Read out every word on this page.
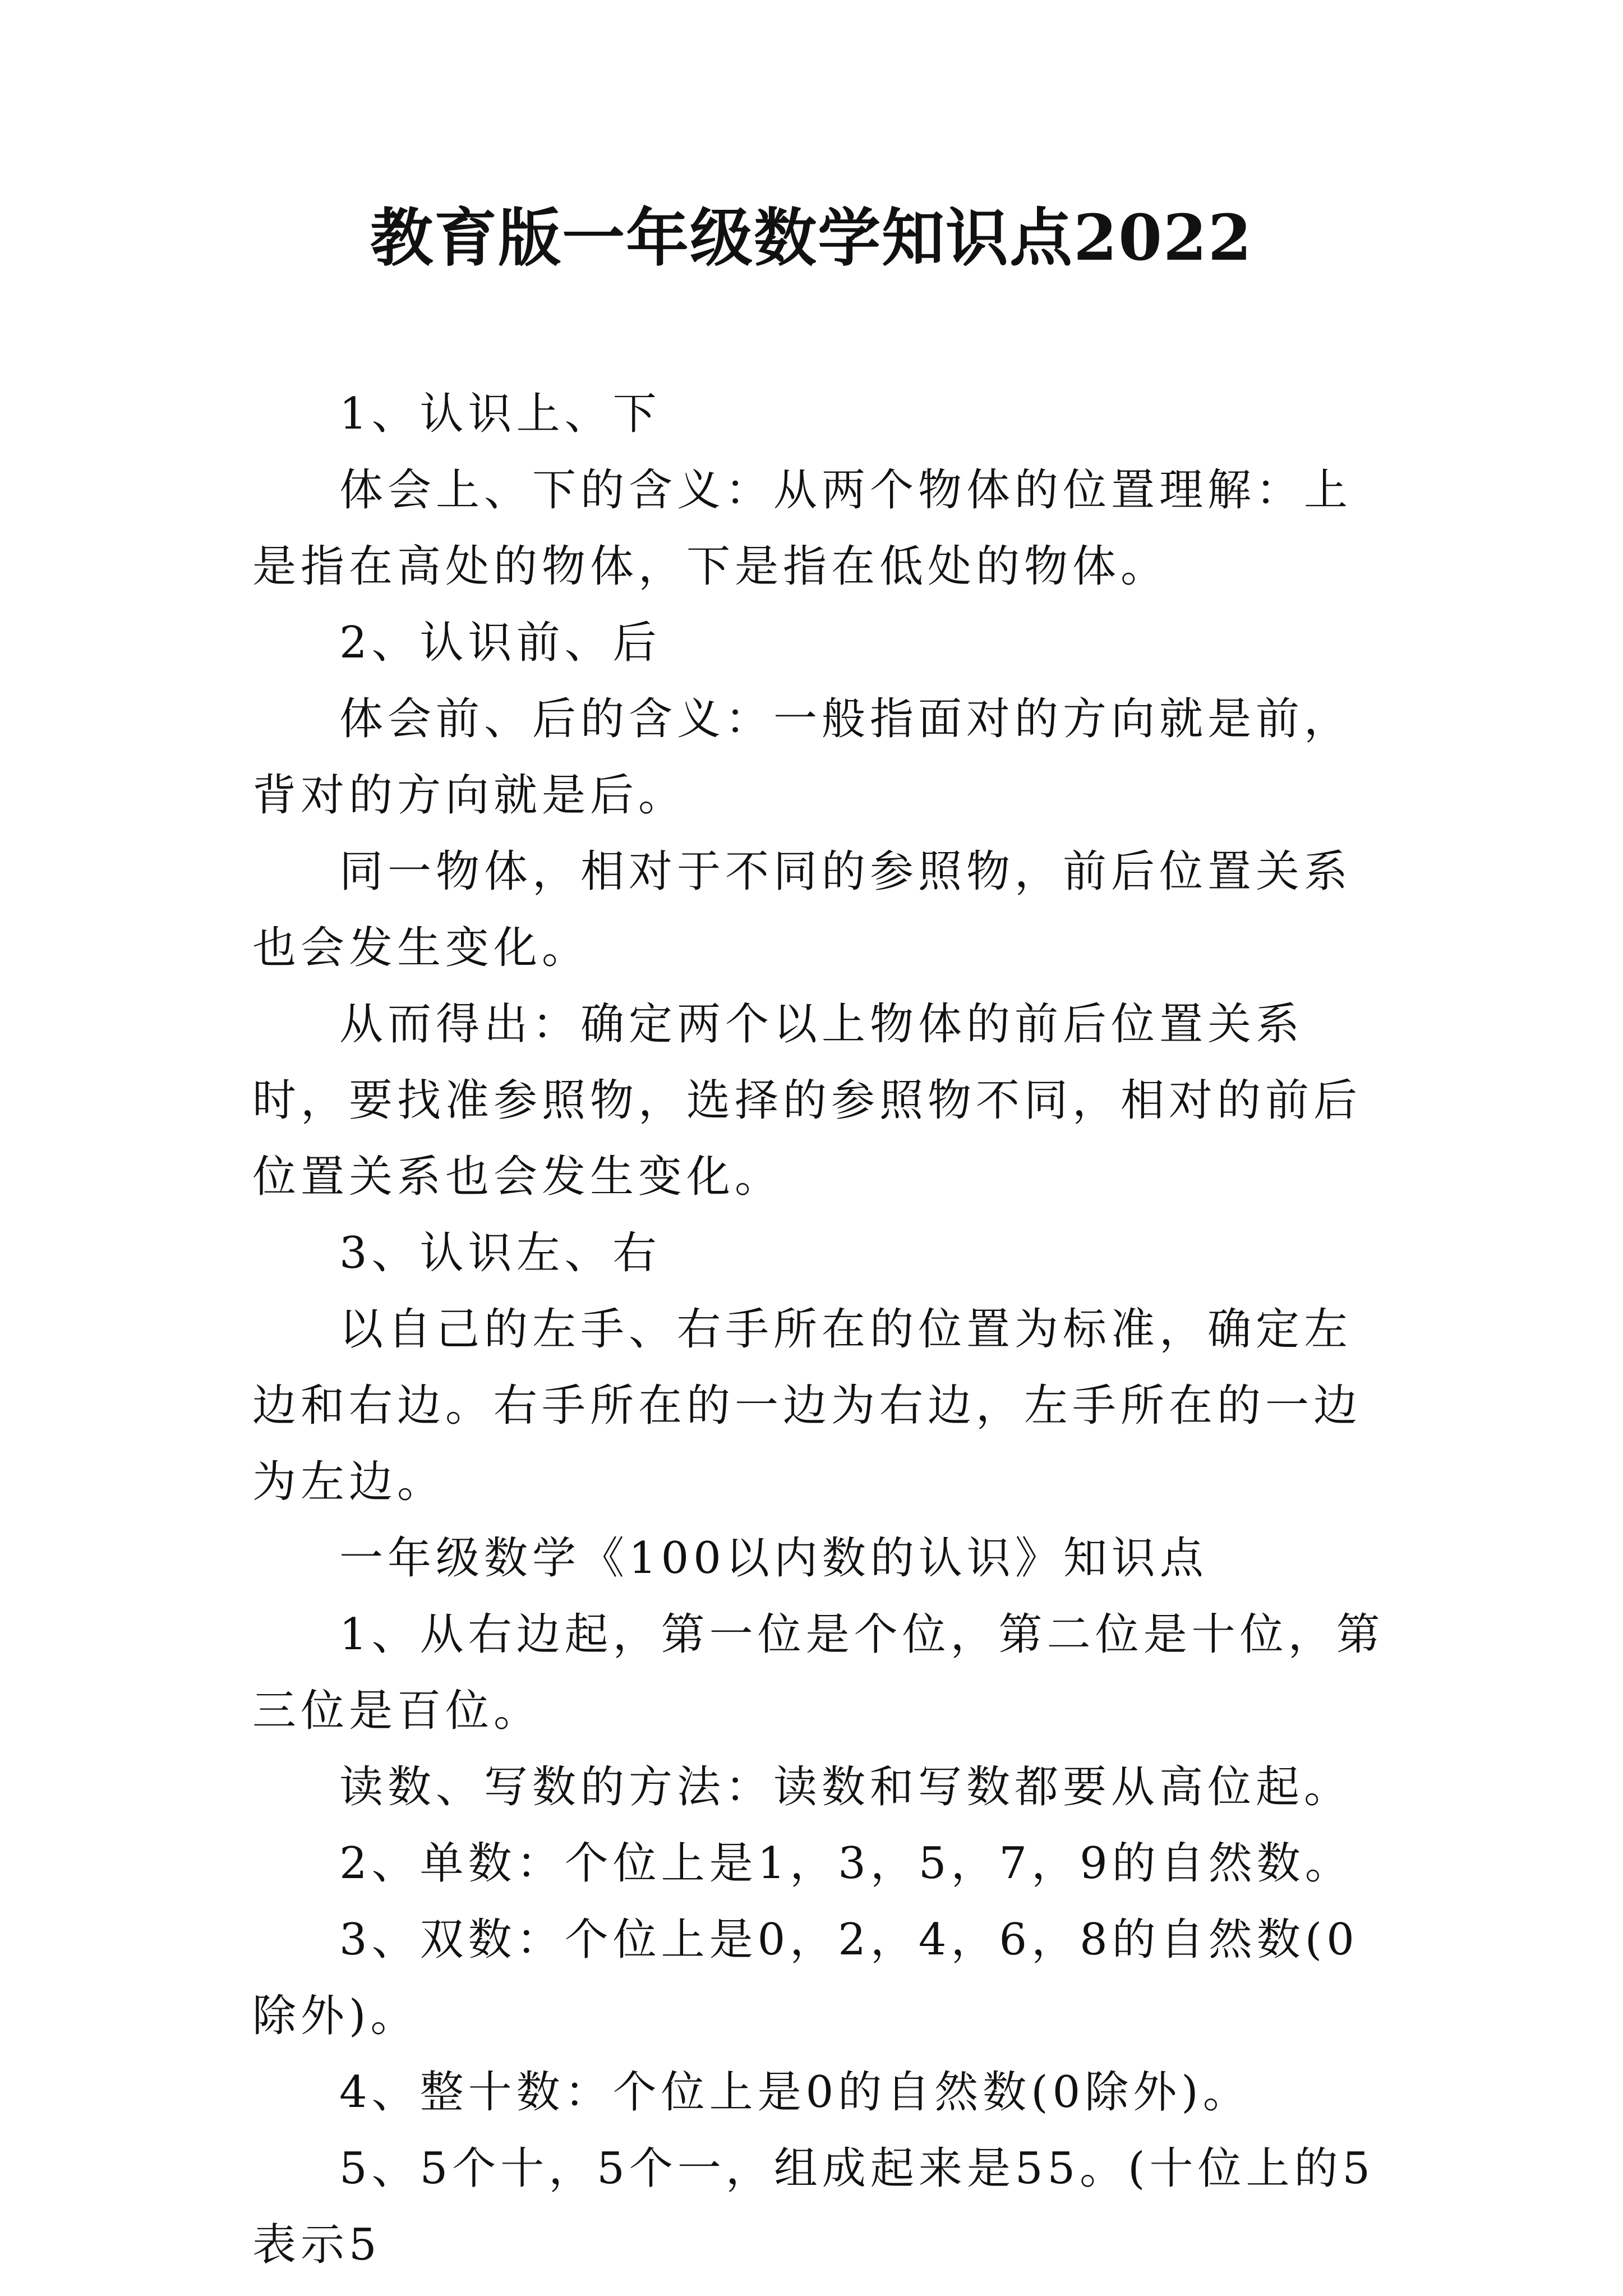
教育版一年级数学知识点2022

1、认识上、下

体会上、下的含义：从两个物体的位置理解：上是指在高处的物体，下是指在低处的物体。

2、认识前、后

体会前、后的含义：一般指面对的方向就是前，背对的方向就是后。

同一物体，相对于不同的参照物，前后位置关系也会发生变化。

从而得出：确定两个以上物体的前后位置关系时，要找准参照物，选择的参照物不同，相对的前后位置关系也会发生变化。

3、认识左、右

以自己的左手、右手所在的位置为标准，确定左边和右边。右手所在的一边为右边，左手所在的一边为左边。

一年级数学《100以内数的认识》知识点

1、从右边起，第一位是个位，第二位是十位，第三位是百位。

读数、写数的方法：读数和写数都要从高位起。

2、单数：个位上是1，3，5，7，9的自然数。

3、双数：个位上是0，2，4，6，8的自然数(0除外)。

4、整十数：个位上是0的自然数(0除外)。

5、5个十，5个一，组成起来是55。(十位上的5表示5
